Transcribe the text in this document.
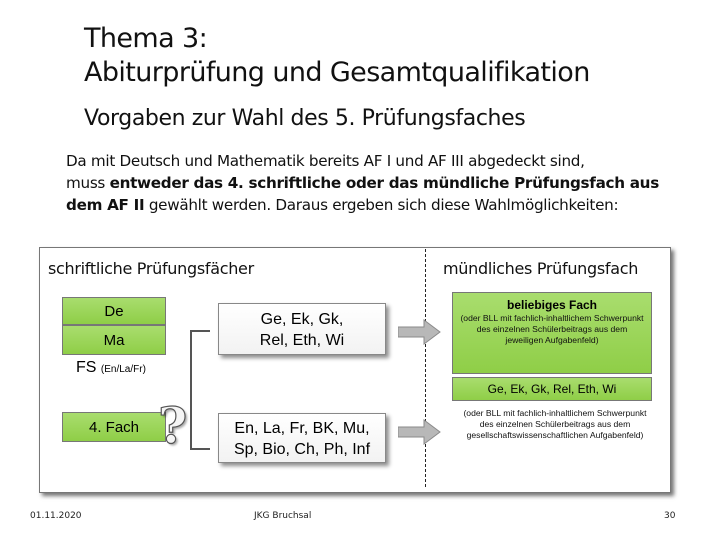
Thema 3:
Abiturprüfung und Gesamtqualifikation
Vorgaben zur Wahl des 5. Prüfungsfaches
Da mit Deutsch und Mathematik bereits AF I und AF III abgedeckt sind,
muss entweder das 4. schriftliche oder das mündliche Prüfungsfach aus
dem AF II gewählt werden. Daraus ergeben sich diese Wahlmöglichkeiten:
schriftliche Prüfungsfächer	mündliches Prüfungsfach
De
Ma
FS (En/La/Fr)
4. Fach ?
Ge, Ek, Gk,
Rel, Eth, Wi
En, La, Fr, BK, Mu,
Sp, Bio, Ch, Ph, Inf
beliebiges Fach
(oder BLL mit fachlich-inhaltlichem Schwerpunkt des einzelnen Schülerbeitrags aus dem jeweiligen Aufgabenfeld)
Ge, Ek, Gk, Rel, Eth, Wi
(oder BLL mit fachlich-inhaltlichem Schwerpunkt des einzelnen Schülerbeitrags aus dem gesellschaftswissenschaftlichen Aufgabenfeld)
01.11.2020	JKG Bruchsal	30
